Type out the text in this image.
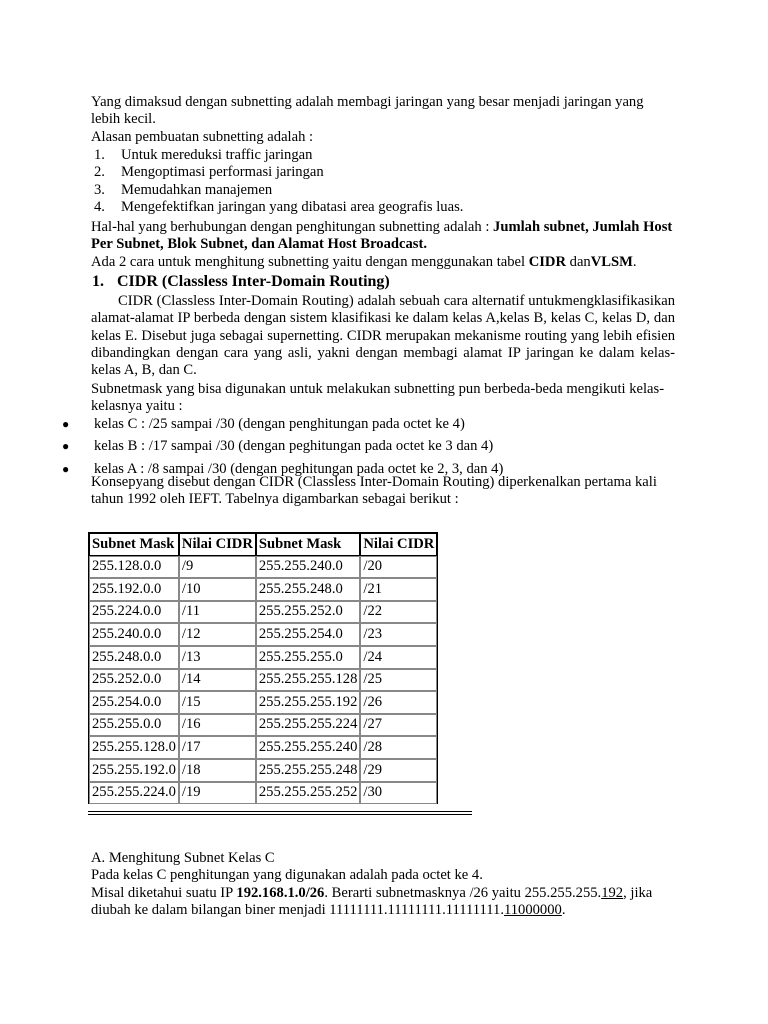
Yang dimaksud dengan subnetting adalah membagi jaringan yang besar menjadi jaringan yang lebih kecil.

Alasan pembuatan subnetting adalah :

1.	Untuk mereduksi traffic jaringan
2.	Mengoptimasi performasi jaringan
3.	Memudahkan manajemen
4.	Mengefektifkan jaringan yang dibatasi area geografis luas.

Hal-hal yang berhubungan dengan penghitungan subnetting adalah : Jumlah subnet, Jumlah Host Per Subnet, Blok Subnet, dan Alamat Host Broadcast.

Ada 2 cara untuk menghitung subnetting yaitu dengan menggunakan tabel CIDR danVLSM.

1. CIDR (Classless Inter-Domain Routing)

CIDR (Classless Inter-Domain Routing) adalah sebuah cara alternatif untukmengklasifikasikan alamat-alamat IP berbeda dengan sistem klasifikasi ke dalam kelas A,kelas B, kelas C, kelas D, dan kelas E. Disebut juga sebagai supernetting. CIDR merupakan mekanisme routing yang lebih efisien dibandingkan dengan cara yang asli, yakni dengan membagi alamat IP jaringan ke dalam kelas-kelas A, B, dan C.

Subnetmask yang bisa digunakan untuk melakukan subnetting pun berbeda-beda mengikuti kelas-kelasnya yaitu :

●	kelas C : /25 sampai /30 (dengan penghitungan pada octet ke 4)
●	kelas B : /17 sampai /30 (dengan peghitungan pada octet ke 3 dan 4)
●	kelas A : /8 sampai /30 (dengan peghitungan pada octet ke 2, 3, dan 4)

Konsepyang disebut dengan CIDR (Classless Inter-Domain Routing) diperkenalkan pertama kali tahun 1992 oleh IEFT. Tabelnya digambarkan sebagai berikut :

Subnet Mask	Nilai CIDR	Subnet Mask	Nilai CIDR
255.128.0.0	/9	255.255.240.0	/20
255.192.0.0	/10	255.255.248.0	/21
255.224.0.0	/11	255.255.252.0	/22
255.240.0.0	/12	255.255.254.0	/23
255.248.0.0	/13	255.255.255.0	/24
255.252.0.0	/14	255.255.255.128	/25
255.254.0.0	/15	255.255.255.192	/26
255.255.0.0	/16	255.255.255.224	/27
255.255.128.0	/17	255.255.255.240	/28
255.255.192.0	/18	255.255.255.248	/29
255.255.224.0	/19	255.255.255.252	/30

A. Menghitung Subnet Kelas C

Pada kelas C penghitungan yang digunakan adalah pada octet ke 4.

Misal diketahui suatu IP 192.168.1.0/26. Berarti subnetmasknya /26 yaitu 255.255.255.192, jika diubah ke dalam bilangan biner menjadi 11111111.11111111.11111111.11000000.
